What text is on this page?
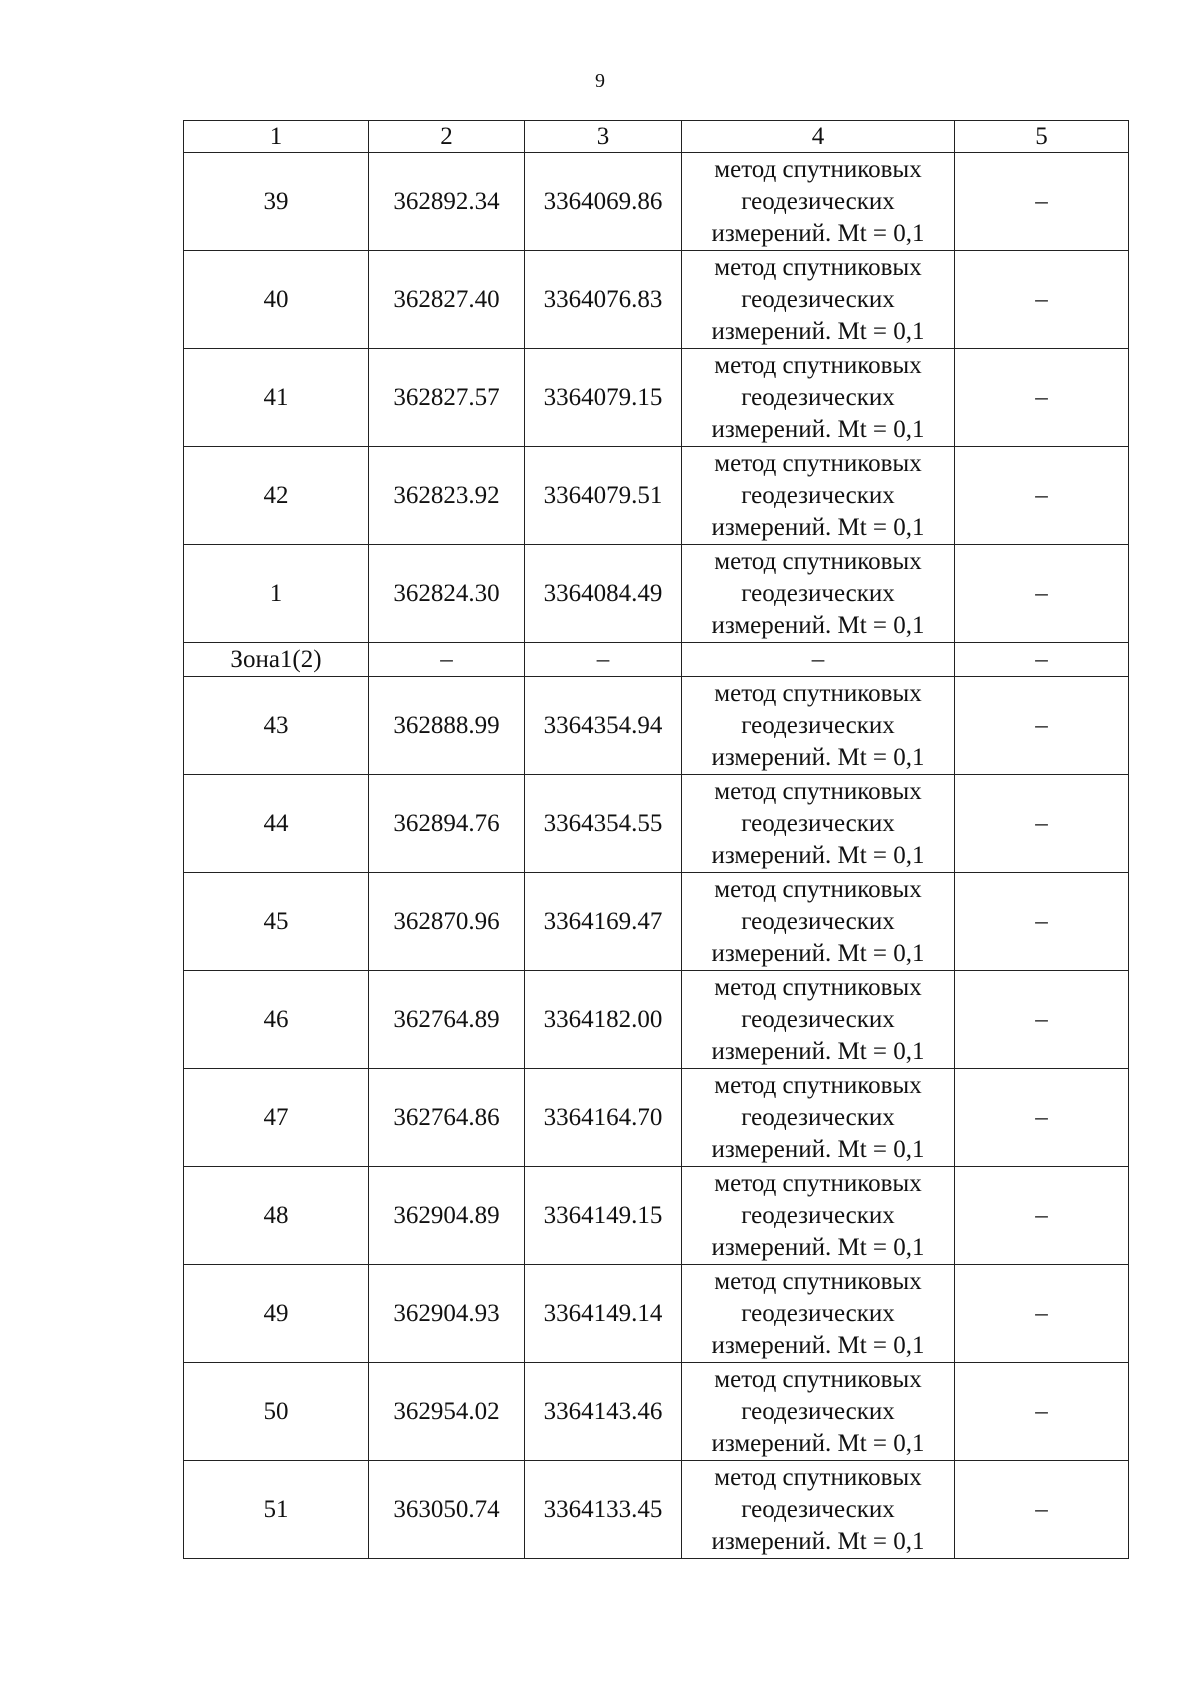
9
1	2	3	4	5
39	362892.34	3364069.86	метод спутниковых
геодезических
измерений. Mt = 0,1	–
40	362827.40	3364076.83	метод спутниковых
геодезических
измерений. Mt = 0,1	–
41	362827.57	3364079.15	метод спутниковых
геодезических
измерений. Mt = 0,1	–
42	362823.92	3364079.51	метод спутниковых
геодезических
измерений. Mt = 0,1	–
1	362824.30	3364084.49	метод спутниковых
геодезических
измерений. Mt = 0,1	–
Зона1(2)	–	–	–	–
43	362888.99	3364354.94	метод спутниковых
геодезических
измерений. Mt = 0,1	–
44	362894.76	3364354.55	метод спутниковых
геодезических
измерений. Mt = 0,1	–
45	362870.96	3364169.47	метод спутниковых
геодезических
измерений. Mt = 0,1	–
46	362764.89	3364182.00	метод спутниковых
геодезических
измерений. Mt = 0,1	–
47	362764.86	3364164.70	метод спутниковых
геодезических
измерений. Mt = 0,1	–
48	362904.89	3364149.15	метод спутниковых
геодезических
измерений. Mt = 0,1	–
49	362904.93	3364149.14	метод спутниковых
геодезических
измерений. Mt = 0,1	–
50	362954.02	3364143.46	метод спутниковых
геодезических
измерений. Mt = 0,1	–
51	363050.74	3364133.45	метод спутниковых
геодезических
измерений. Mt = 0,1	–
